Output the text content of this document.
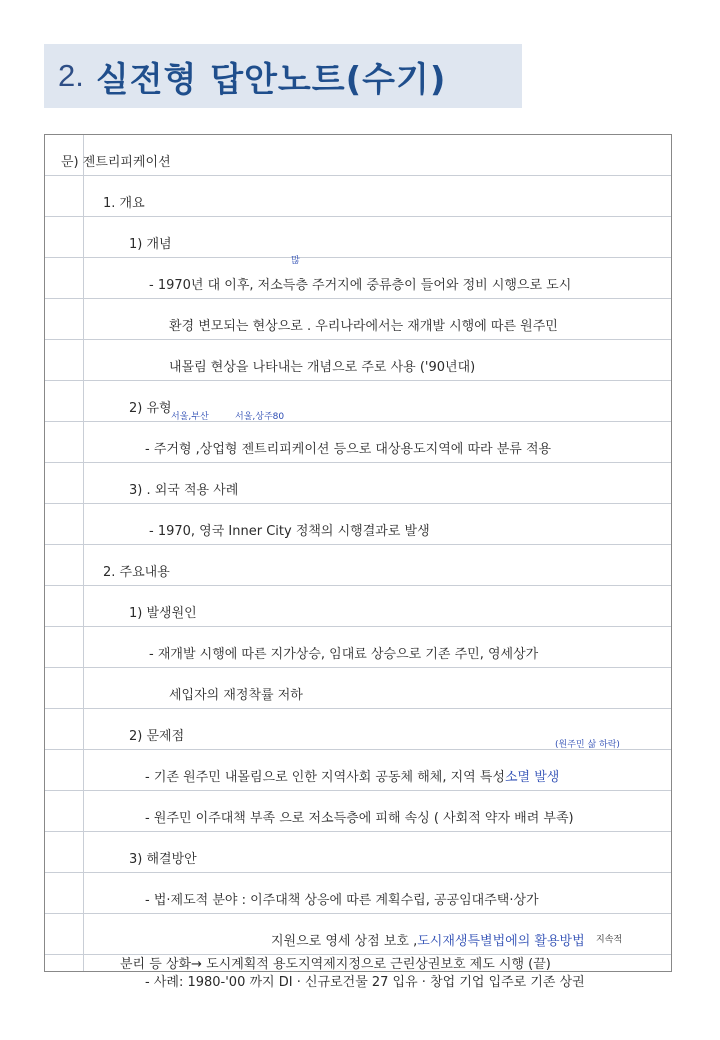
2. 실전형 답안노트(수기)
문) 젠트리피케이션
1. 개요
1) 개념
많
- 1970년 대 이후, 저소득층 주거지에 중류층이 들어와 정비 시행으로 도시
환경 변모되는 현상으로 . 우리나라에서는 재개발 시행에 따른 원주민
내몰림 현상을 나타내는 개념으로 주로 사용 ('90년대)
2) 유형
서울,부산	서울,상주80
- 주거형 ,상업형 젠트리피케이션 등으로 대상용도지역에 따라 분류 적용
3) . 외국 적용 사례
- 1970, 영국 Inner City 정책의 시행결과로 발생
2. 주요내용
1) 발생원인
- 재개발 시행에 따른 지가상승, 임대료 상승으로 기존 주민, 영세상가
세입자의 재정착률 저하
2) 문제점
(원주민 삶 하락)
- 기존 원주민 내몰림으로 인한 지역사회 공동체 해체, 지역 특성 소멸 발생
- 원주민 이주대책 부족 으로 저소득층에 피해 속싱 ( 사회적 약자 배려 부족)
3) 해결방안
- 법·제도적 분야 : 이주대책 상응에 따른 계획수립, 공공임대주택·상가
지원으로 영세 상점 보호 , 도시재생특별법에의 활용방법
- 사례: 1980-'00 까지 DI · 신규로건물 27 입유 · 창업 기업 입주로 기존 상권
지속적
분리 등 상화→ 도시계획적 용도지역제지정으로 근린상권보호 제도 시행 (끝)
